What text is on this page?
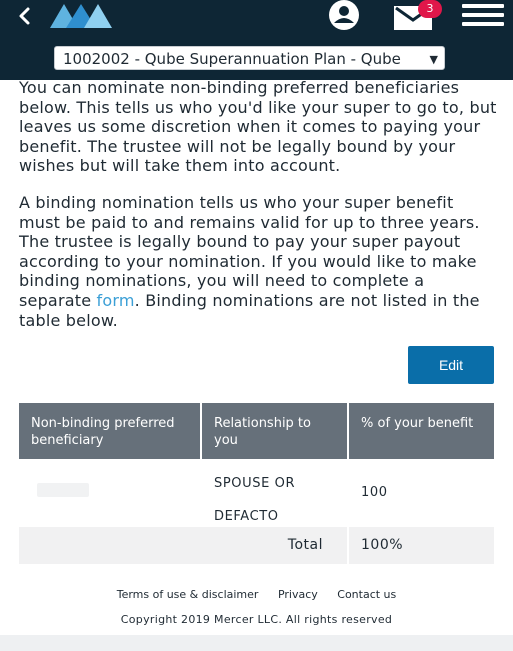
3
1002002 - Qube Superannuation Plan - Qube	▼

You can nominate non-binding preferred beneficiaries below. This tells us who you'd like your super to go to, but leaves us some discretion when it comes to paying your benefit. The trustee will not be legally bound by your wishes but will take them into account.

A binding nomination tells us who your super benefit must be paid to and remains valid for up to three years. The trustee is legally bound to pay your super payout according to your nomination. If you would like to make binding nominations, you will need to complete a separate form. Binding nominations are not listed in the table below.

Edit
Non-binding preferred beneficiary
Relationship to you
% of your benefit
SPOUSE OR DEFACTO
100
Total	100%
Terms of use & disclaimer Privacy Contact us
Copyright 2019 Mercer LLC. All rights reserved
